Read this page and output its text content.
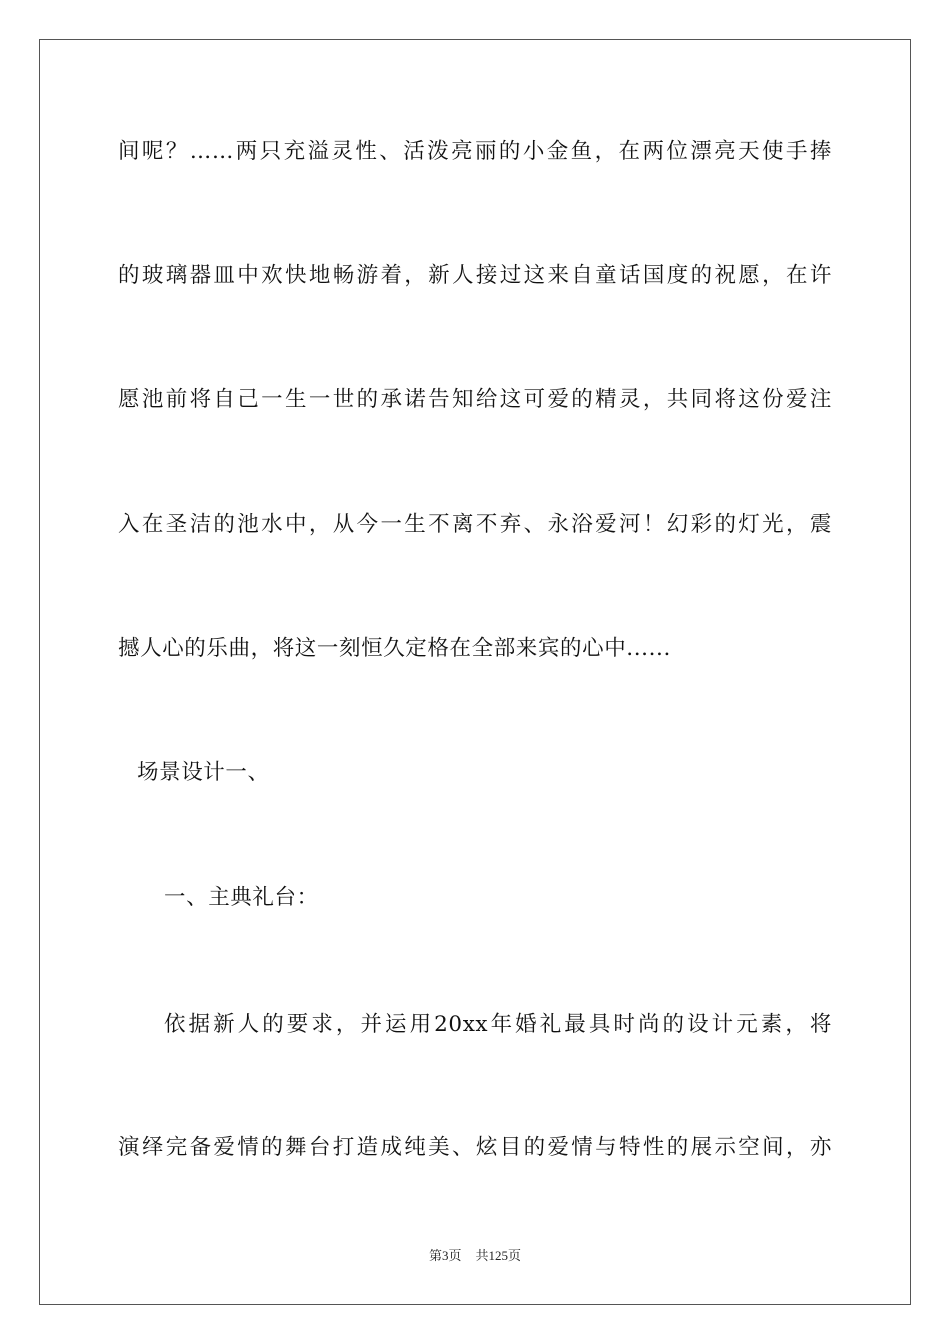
间呢？……两只充溢灵性、活泼亮丽的小金鱼，在两位漂亮天使手捧
的玻璃器皿中欢快地畅游着，新人接过这来自童话国度的祝愿，在许
愿池前将自己一生一世的承诺告知给这可爱的精灵，共同将这份爱注
入在圣洁的池水中，从今一生不离不弃、永浴爱河！幻彩的灯光，震
撼人心的乐曲，将这一刻恒久定格在全部来宾的心中......
场景设计一、
一、主典礼台：
依据新人的要求，并运用20xx年婚礼最具时尚的设计元素，将
演绎完备爱情的舞台打造成纯美、炫目的爱情与特性的展示空间，亦
第3页 共125页
